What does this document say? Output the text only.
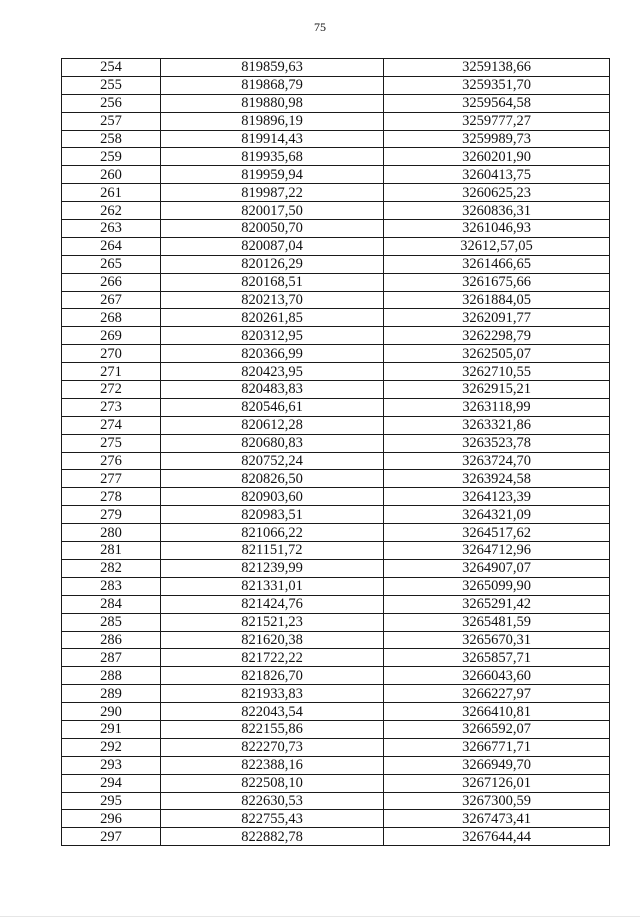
75
254	819859,63	3259138,66
255	819868,79	3259351,70
256	819880,98	3259564,58
257	819896,19	3259777,27
258	819914,43	3259989,73
259	819935,68	3260201,90
260	819959,94	3260413,75
261	819987,22	3260625,23
262	820017,50	3260836,31
263	820050,70	3261046,93
264	820087,04	32612,57,05
265	820126,29	3261466,65
266	820168,51	3261675,66
267	820213,70	3261884,05
268	820261,85	3262091,77
269	820312,95	3262298,79
270	820366,99	3262505,07
271	820423,95	3262710,55
272	820483,83	3262915,21
273	820546,61	3263118,99
274	820612,28	3263321,86
275	820680,83	3263523,78
276	820752,24	3263724,70
277	820826,50	3263924,58
278	820903,60	3264123,39
279	820983,51	3264321,09
280	821066,22	3264517,62
281	821151,72	3264712,96
282	821239,99	3264907,07
283	821331,01	3265099,90
284	821424,76	3265291,42
285	821521,23	3265481,59
286	821620,38	3265670,31
287	821722,22	3265857,71
288	821826,70	3266043,60
289	821933,83	3266227,97
290	822043,54	3266410,81
291	822155,86	3266592,07
292	822270,73	3266771,71
293	822388,16	3266949,70
294	822508,10	3267126,01
295	822630,53	3267300,59
296	822755,43	3267473,41
297	822882,78	3267644,44
